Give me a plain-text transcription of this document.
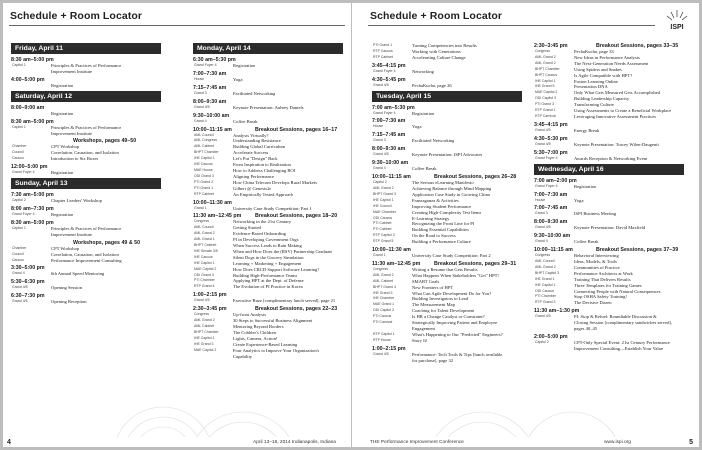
Schedule + Room Locator
Friday, April 11
8:30 am–5:00 pm
Capitol 1	Principles & Practices of Performance
Improvement Institute
4:00–5:00 pm
Registration
Saturday, April 12
8:00–9:00 am
Registration
8:30 am–5:00 pm
Capitol 1	Principles & Practices of Performance
Improvement Institute
Workshops, pages 49–50
Chamber	CPT Workshop
Council	Correlation, Causation, and Isolation
Caucus	Introduction to Six Boxes
12:00–5:00 pm
Grand Foyer 4	Registration
Sunday, April 13
7:30 am–5:00 pm
Capitol 2	Chapter Leaders' Workshop
8:00 am–7:30 pm
Grand Foyer 4	Registration
8:30 am–5:00 pm
Capitol 1	Principles & Practices of Performance
Improvement Institute
Workshops, pages 49 & 50
Chamber	CPT Workshop
Council	Correlation, Causation, and Isolation
Caucus	Performance Improvement Consulting
3:30–5:00 pm
Grand 4	6th Annual Speed Mentoring
5:30–6:30 pm
Grand 4/5	Opening Session
6:30–7:30 pm
Grand 4/5	Opening Reception
Monday, April 14
6:30 am–5:30 pm
Grand Foyer 4	Registration
7:00–7:30 am
House	Yoga
7:15–7:45 am
Grand 3	Facilitated Networking
8:00–9:30 am
Grand 4/5	Keynote Presentation: Aubrey Daniels
9:30–10:00 am
Grand 4	Coffee Break
10:00–11:15 am	Breakout Sessions, pages 16–17
AML Council	Analysis Virtually?
AML Congress	Understanding Resistance
AML Cabinet	Building Global Curriculum
BHPT Chamber	Accelerate Success
IHE Capitol 1	Let's Put "Design" Back
IHE Caucus	From Inspiration to Realization
MAE House	How to Address Challenging ROI
ODI Grand 3	Aligning Performance
PTI Grand 2	How China Telecom Develops Rural Markets
PTI Grand 1	Gilbert @ Genesis2e
RTP Cabinet	An Empirically Tested Approach
10:00–11:30 am
Grand 1	University Case Study Competition: Part 1
11:30 am–12:45 pm	Breakout Sessions, pages 18–20
Congress	Networking in the 21st Century
AML Council	Getting Started
AML Grand 2	Evidence-Based Onboarding
AML Grand 1	PI in Developing Government Orgs
BHPT Cabinet	When Success Leads to Rain Making
IHE Senate 3/5	When and How Does the (RSV) Partnership Graduate
IHE Caucus	Silent Dogs in the Grocery Simulation
IHE Capitol 1	Learning + Marketing + Engagement
MAE Capitol 2	How Does CRCD Support Software Learning?
ODI Grand 3	Building High-Performance Teams
PTI Chamber	Applying HPT at the Dept. of Defense
RTP Grand 4	The Evolution of PI Practice in Korea
1:00–2:15 pm
Grand 4/5	Executive Buzz [complimentary lunch served], page 21
2:30–3:45 pm	Breakout Sessions, pages 22–23
Congress	Up-front Analysis
AML Grand 2	30 Steps to Successful Business Alignment
AML Cabinet	Mentoring Beyond Borders
BHPT Chamber	The Cobbler's Children
IHE Capitol 1	Lights, Camera, Action!
IHE Grand 3	Create Experience-Based Learning
MAE Capitol 2	Four Analytics to Improve Your Organization's
Capability
April 13–16, 2014 Indianapolis, Indiana
4
Schedule + Room Locator
ISPI
PTI Grand 1	Turning Competencies into Results
RTP Caucus	Working with Generations
RTP Cabinet	Accelerating Culture Change
3:45–4:15 pm
Grand Foyer 4	Networking
4:30–5:45 pm
Grand 4/5	PechaKucha, page 26
Tuesday, April 15
7:00 am–5:30 pm
Grand Foyer 4	Registration
7:00–7:30 am
House	Yoga
7:15–7:45 am
Grand 3	Facilitated Networking
8:00–9:30 am
Grand 4/5	Keynote Presentation: ISPI Advocates
9:30–10:00 am
Grand 4	Coffee Break
10:00–11:15 am	Breakout Sessions, pages 26–28
Capitol 2	The Serious eLearning Manifesto
AML Grand 2	Achieving Balance through Mind Mapping
BHPT Grand 3	Application Case Study in Growing China
IHE Capitol 1	Franzaganza & Activities
IHE Council	Improving Student Performance
MAE Chamber	Creating High-Complexity Test Items
ODI Caucus	E-Learning Strategy
PTI Cabinet	Recognizing the Front Line for PI
PTI Cabinet	Building Essential Capabilities
RTP Capitol 3	On the Road to Success
RTP Grand 5	Building a Performance Culture
10:00–11:30 am
Grand 1	University Case Study Competition: Part 2
11:30 am–12:45 pm	Breakout Sessions, pages 29–31
Congress	Writing a Resume that Gets Results
AML Grand 2	What Happens When Stakeholders "Get" HPT?
AML Cabinet	SMART Goals
BHPT Grand 4	New Frontiers of HPT
IHE Grand 3	What Can Agile Development Do for You?
IHE Chamber	Building Investigators to Lead
MAE Grand 1	The Measurement Map
ODI Capitol 2	Coaching for Talent Development
PTI Caucus	Is HR a Change Catalyst or Constraint?
PTI Carnival	Strategically Improving Patient and Employee
Engagement
RTP Capitol 1	What's Happening to Our "Predicted" Engineers?
RTP House	Story It!
1:00–2:15 pm
Grand 4/5	Performance: Tech Tools & Tips [lunch available
for purchase], page 32
2:30–3:45 pm	Breakout Sessions, pages 33–35
Congress	PechaKucha, page 33
AML Grand 2	New Ideas in Performance Analysis
AML Grand 2	The Next-Generation Needs Assessment
BHPT Chamber	Using Spiders and Snakes
BHPT Caucus	Is Agile Compatible with HPT?
IHE Capitol 1	Fusion Learning Online
IHE Grand 5	Presentation DNA
MAE Capitol 2	Only What Gets Measured Gets Accomplished
ODI Capitol 3	Building Leadership Capacity
PTI Grand 3	Transforming Culture
RTP Grand 1	Using Assessments to Create a Beneficial Workplace
RTP Carnival	Leveraging Innovative Assessment Practices
3:45–4:15 pm
Grand 4/5	Energy Break
4:30–5:30 pm
Grand 4/5	Keynote Presentation: Tracey Wilen-Daugenti
5:30–7:00 pm
Grand Foyer 4	Awards Reception & Networking Event
Wednesday, April 16
7:00 am–2:00 pm
Grand Foyer 4	Registration
7:00–7:30 am
House	Yoga
7:00–7:45 am
Grand 3	ISPI Business Meeting
8:00–9:30 am
Grand 4/5	Keynote Presentation: David Maxfield
9:30–10:00 am
Grand 4	Coffee Break
10:00–11:15 am	Breakout Sessions, pages 37–39
Congress	Behavioral Interviewing
AML Council	Ideas, Models, & Tools
AML Grand 2	Communities of Practice
BHPT Capitol 3	Performance Architects at Work
IHE Grand 1	Training That Delivers Results
IHE Capitol 1	Three Templates for Training Games
ODI Caucus	Connecting People with Natural Consequences
PTI Chamber	Stop OSHA Safety Training!
RTP Grand 3	The Decisive Dozen
11:30 am–1:30 pm
Grand 4/5	PI: Stop & Refuel: Roundtable Discussion &
Closing Session [complimentary sandwiches served],
pages 40–45
2:00–5:00 pm
Capitol 2	CPT-Only Special Event: 21st Century Performance
Improvement Consulting—Establish Your Value
THE Performance Improvement Conference	www.ispi.org	5
